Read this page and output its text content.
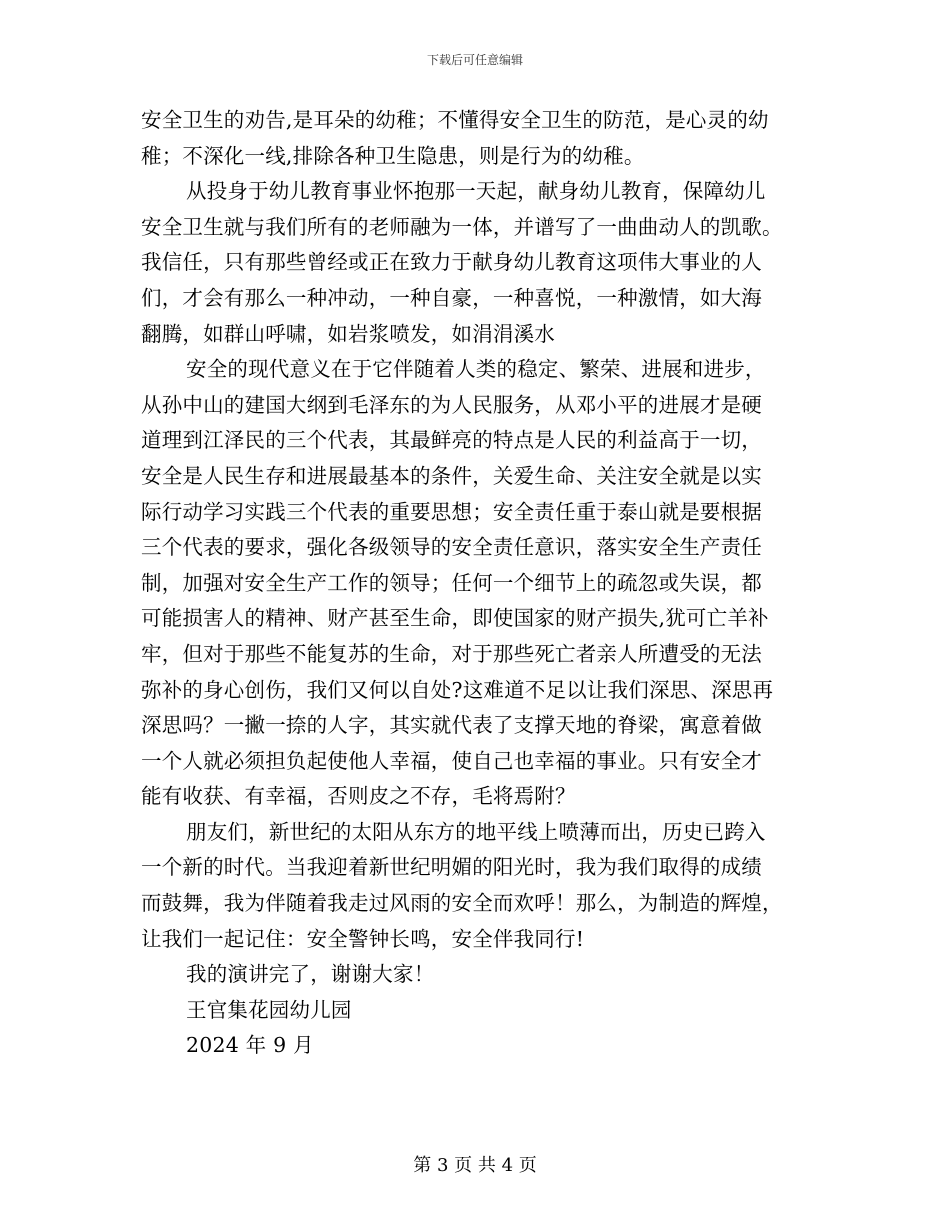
下载后可任意编辑
安全卫生的劝告,是耳朵的幼稚；不懂得安全卫生的防范，是心灵的幼
稚；不深化一线,排除各种卫生隐患，则是行为的幼稚。
从投身于幼儿教育事业怀抱那一天起，献身幼儿教育，保障幼儿
安全卫生就与我们所有的老师融为一体，并谱写了一曲曲动人的凯歌。
我信任，只有那些曾经或正在致力于献身幼儿教育这项伟大事业的人
们，才会有那么一种冲动，一种自豪，一种喜悦，一种激情，如大海
翻腾，如群山呼啸，如岩浆喷发，如涓涓溪水
安全的现代意义在于它伴随着人类的稳定、繁荣、进展和进步，
从孙中山的建国大纲到毛泽东的为人民服务，从邓小平的进展才是硬
道理到江泽民的三个代表，其最鲜亮的特点是人民的利益高于一切，
安全是人民生存和进展最基本的条件，关爱生命、关注安全就是以实
际行动学习实践三个代表的重要思想；安全责任重于泰山就是要根据
三个代表的要求，强化各级领导的安全责任意识，落实安全生产责任
制，加强对安全生产工作的领导；任何一个细节上的疏忽或失误，都
可能损害人的精神、财产甚至生命，即使国家的财产损失,犹可亡羊补
牢，但对于那些不能复苏的生命，对于那些死亡者亲人所遭受的无法
弥补的身心创伤，我们又何以自处?这难道不足以让我们深思、深思再
深思吗？一撇一捺的人字，其实就代表了支撑天地的脊梁，寓意着做
一个人就必须担负起使他人幸福，使自己也幸福的事业。只有安全才
能有收获、有幸福，否则皮之不存，毛将焉附？
朋友们，新世纪的太阳从东方的地平线上喷薄而出，历史已跨入
一个新的时代。当我迎着新世纪明媚的阳光时，我为我们取得的成绩
而鼓舞，我为伴随着我走过风雨的安全而欢呼！那么，为制造的辉煌，
让我们一起记住：安全警钟长鸣，安全伴我同行!
我的演讲完了，谢谢大家！
王官集花园幼儿园
2024 年 9 月
第 3 页 共 4 页
